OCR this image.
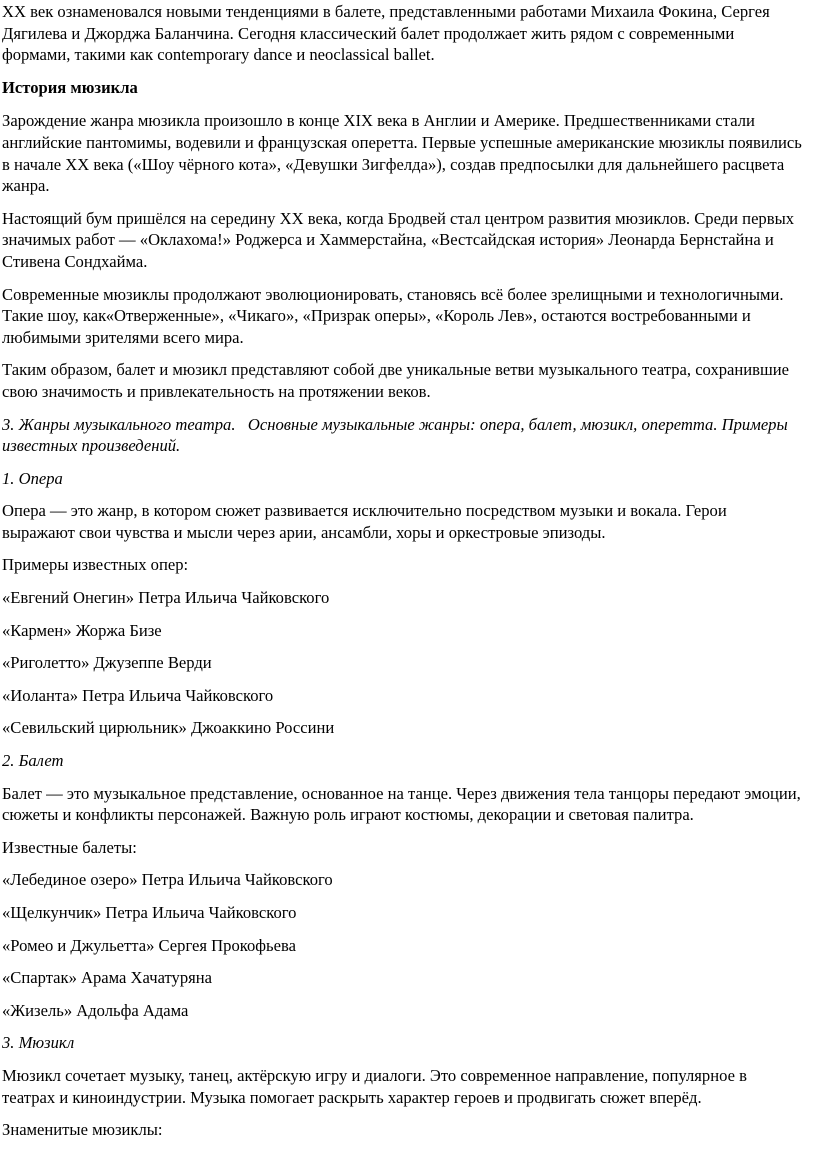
XX век ознаменовался новыми тенденциями в балете, представленными работами Михаила Фокина, Сергея Дягилева и Джорджа Баланчина. Сегодня классический балет продолжает жить рядом с современными формами, такими как contemporary dance и neoclassical ballet.

История мюзикла

Зарождение жанра мюзикла произошло в конце XIX века в Англии и Америке. Предшественниками стали английские пантомимы, водевили и французская оперетта. Первые успешные американские мюзиклы появились в начале XX века («Шоу чёрного кота», «Девушки Зигфелда»), создав предпосылки для дальнейшего расцвета жанра.

Настоящий бум пришёлся на середину XX века, когда Бродвей стал центром развития мюзиклов. Среди первых значимых работ — «Оклахома!» Роджерса и Хаммерстайна, «Вестсайдская история» Леонарда Бернстайна и Стивена Сондхайма.

Современные мюзиклы продолжают эволюционировать, становясь всё более зрелищными и технологичными. Такие шоу, как«Отверженные», «Чикаго», «Призрак оперы», «Король Лев», остаются востребованными и любимыми зрителями всего мира.

Таким образом, балет и мюзикл представляют собой две уникальные ветви музыкального театра, сохранившие свою значимость и привлекательность на протяжении веков.

3. Жанры музыкального театра.   Основные музыкальные жанры: опера, балет, мюзикл, оперетта. Примеры известных произведений.

1. Опера

Опера — это жанр, в котором сюжет развивается исключительно посредством музыки и вокала. Герои выражают свои чувства и мысли через арии, ансамбли, хоры и оркестровые эпизоды.

Примеры известных опер:

«Евгений Онегин» Петра Ильича Чайковского

«Кармен» Жоржа Бизе

«Риголетто» Джузеппе Верди

«Иоланта» Петра Ильича Чайковского

«Севильский цирюльник» Джоаккино Россини

2. Балет

Балет — это музыкальное представление, основанное на танце. Через движения тела танцоры передают эмоции, сюжеты и конфликты персонажей. Важную роль играют костюмы, декорации и световая палитра.

Известные балеты:

«Лебединое озеро» Петра Ильича Чайковского

«Щелкунчик» Петра Ильича Чайковского

«Ромео и Джульетта» Сергея Прокофьева

«Спартак» Арама Хачатуряна

«Жизель» Адольфа Адама

3. Мюзикл

Мюзикл сочетает музыку, танец, актёрскую игру и диалоги. Это современное направление, популярное в театрах и киноиндустрии. Музыка помогает раскрыть характер героев и продвигать сюжет вперёд.

Знаменитые мюзиклы:
